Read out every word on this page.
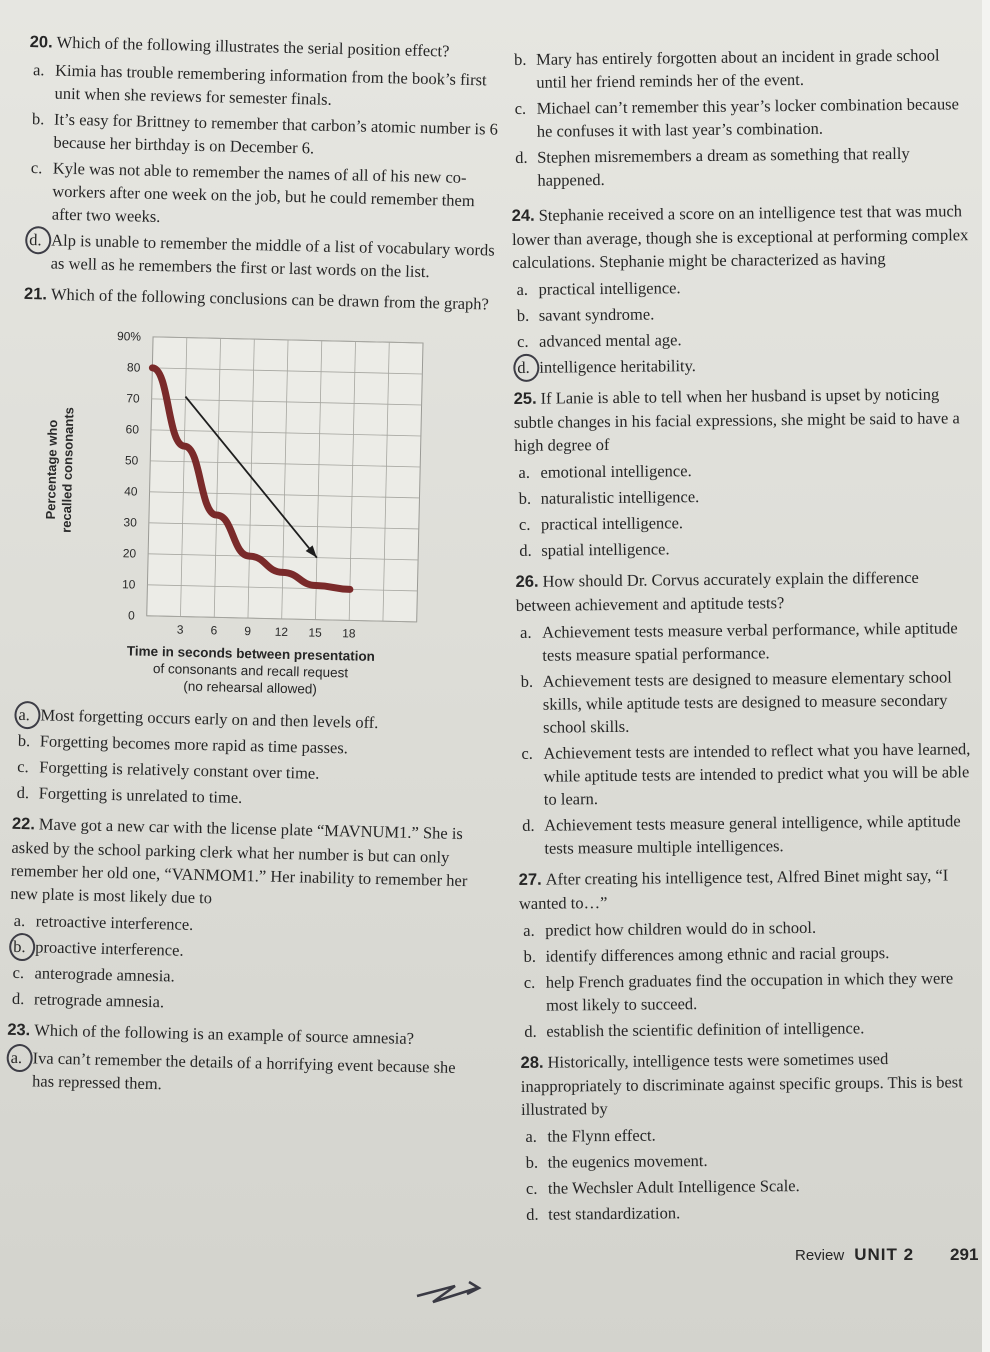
20. Which of the following illustrates the serial position effect?
a. Kimia has trouble remembering information from the book’s first unit when she reviews for semester finals.
b. It’s easy for Brittney to remember that carbon’s atomic number is 6 because her birthday is on December 6.
c. Kyle was not able to remember the names of all of his new co-workers after one week on the job, but he could remember them after two weeks.
d. Alp is unable to remember the middle of a list of vocabulary words as well as he remembers the first or last words on the list.
21. Which of the following conclusions can be drawn from the graph?
Percentage who
recalled consonants
90%
80
70
60
50
40
30
20
10
0
3 6 9 12 15 18
Time in seconds between presentation
of consonants and recall request
(no rehearsal allowed)
a. Most forgetting occurs early on and then levels off.
b. Forgetting becomes more rapid as time passes.
c. Forgetting is relatively constant over time.
d. Forgetting is unrelated to time.
22. Mave got a new car with the license plate “MAVNUM1.” She is asked by the school parking clerk what her number is but can only remember her old one, “VANMOM1.” Her inability to remember her new plate is most likely due to
a. retroactive interference.
b. proactive interference.
c. anterograde amnesia.
d. retrograde amnesia.
23. Which of the following is an example of source amnesia?
a. Iva can’t remember the details of a horrifying event because she has repressed them.
b. Mary has entirely forgotten about an incident in grade school until her friend reminds her of the event.
c. Michael can’t remember this year’s locker combination because he confuses it with last year’s combination.
d. Stephen misremembers a dream as something that really happened.
24. Stephanie received a score on an intelligence test that was much lower than average, though she is exceptional at performing complex calculations. Stephanie might be characterized as having
a. practical intelligence.
b. savant syndrome.
c. advanced mental age.
d. intelligence heritability.
25. If Lanie is able to tell when her husband is upset by noticing subtle changes in his facial expressions, she might be said to have a high degree of
a. emotional intelligence.
b. naturalistic intelligence.
c. practical intelligence.
d. spatial intelligence.
26. How should Dr. Corvus accurately explain the difference between achievement and aptitude tests?
a. Achievement tests measure verbal performance, while aptitude tests measure spatial performance.
b. Achievement tests are designed to measure elementary school skills, while aptitude tests are designed to measure secondary school skills.
c. Achievement tests are intended to reflect what you have learned, while aptitude tests are intended to predict what you will be able to learn.
d. Achievement tests measure general intelligence, while aptitude tests measure multiple intelligences.
27. After creating his intelligence test, Alfred Binet might say, “I wanted to…”
a. predict how children would do in school.
b. identify differences among ethnic and racial groups.
c. help French graduates find the occupation in which they were most likely to succeed.
d. establish the scientific definition of intelligence.
28. Historically, intelligence tests were sometimes used inappropriately to discriminate against specific groups. This is best illustrated by
a. the Flynn effect.
b. the eugenics movement.
c. the Wechsler Adult Intelligence Scale.
d. test standardization.
Review UNIT 2 291
